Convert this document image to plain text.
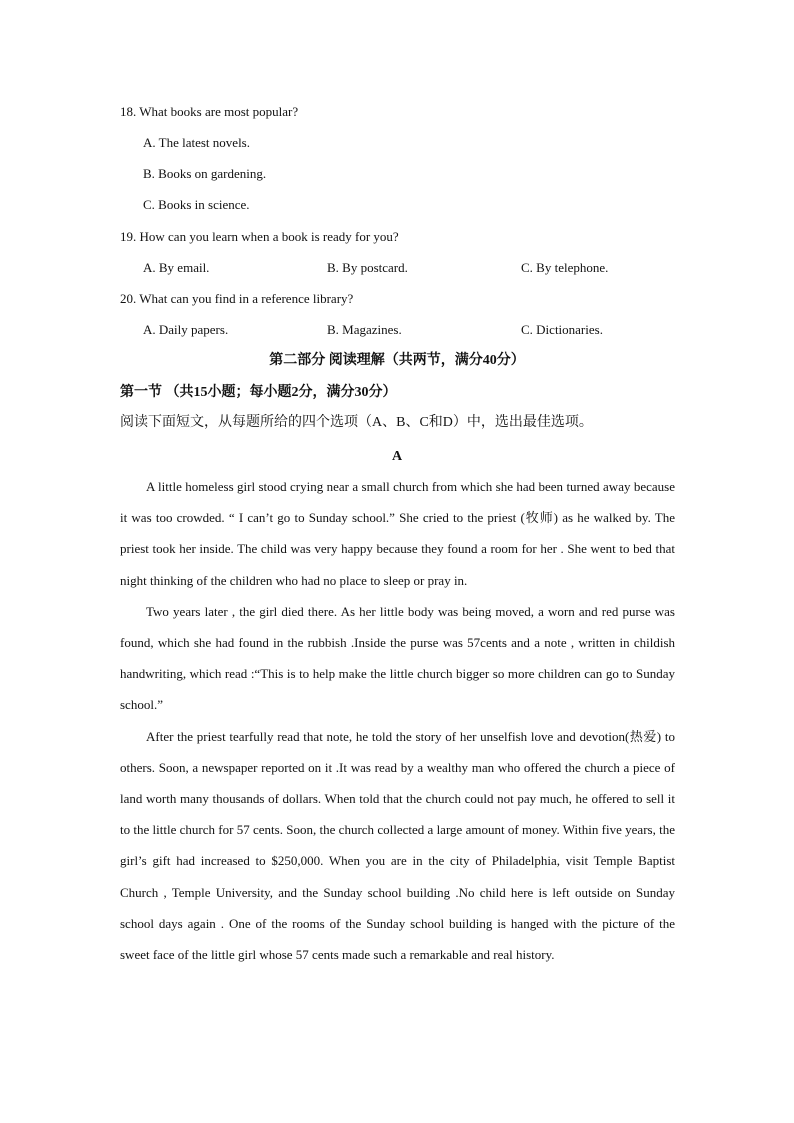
18. What books are most popular?
A. The latest novels.
B. Books on gardening.
C. Books in science.
19. How can you learn when a book is ready for you?
A. By email.	B. By postcard.	C. By telephone.
20. What can you find in a reference library?
A. Daily papers.	B. Magazines.	C. Dictionaries.
第二部分 阅读理解（共两节，满分40分）
第一节 （共15小题；每小题2分，满分30分）
阅读下面短文，从每题所给的四个选项（A、B、C和D）中，选出最佳选项。
A

A little homeless girl stood crying near a small church from which she had been turned away because it was too crowded. “ I can’t go to Sunday school.” She cried to the priest (牧师) as he walked by. The priest took her inside. The child was very happy because they found a room for her . She went to bed that night thinking of the children who had no place to sleep or pray in.

Two years later , the girl died there. As her little body was being moved, a worn and red purse was found, which she had found in the rubbish .Inside the purse was 57cents and a note , written in childish handwriting, which read :“This is to help make the little church bigger so more children can go to Sunday school.”

After the priest tearfully read that note, he told the story of her unselfish love and devotion(热爱) to others. Soon, a newspaper reported on it .It was read by a wealthy man who offered the church a piece of land worth many thousands of dollars. When told that the church could not pay much, he offered to sell it to the little church for 57 cents. Soon, the church collected a large amount of money. Within five years, the girl’s gift had increased to $250,000. When you are in the city of Philadelphia, visit Temple Baptist Church , Temple University, and the Sunday school building .No child here is left outside on Sunday school days again . One of the rooms of the Sunday school building is hanged with the picture of the sweet face of the little girl whose 57 cents made such a remarkable and real history.
